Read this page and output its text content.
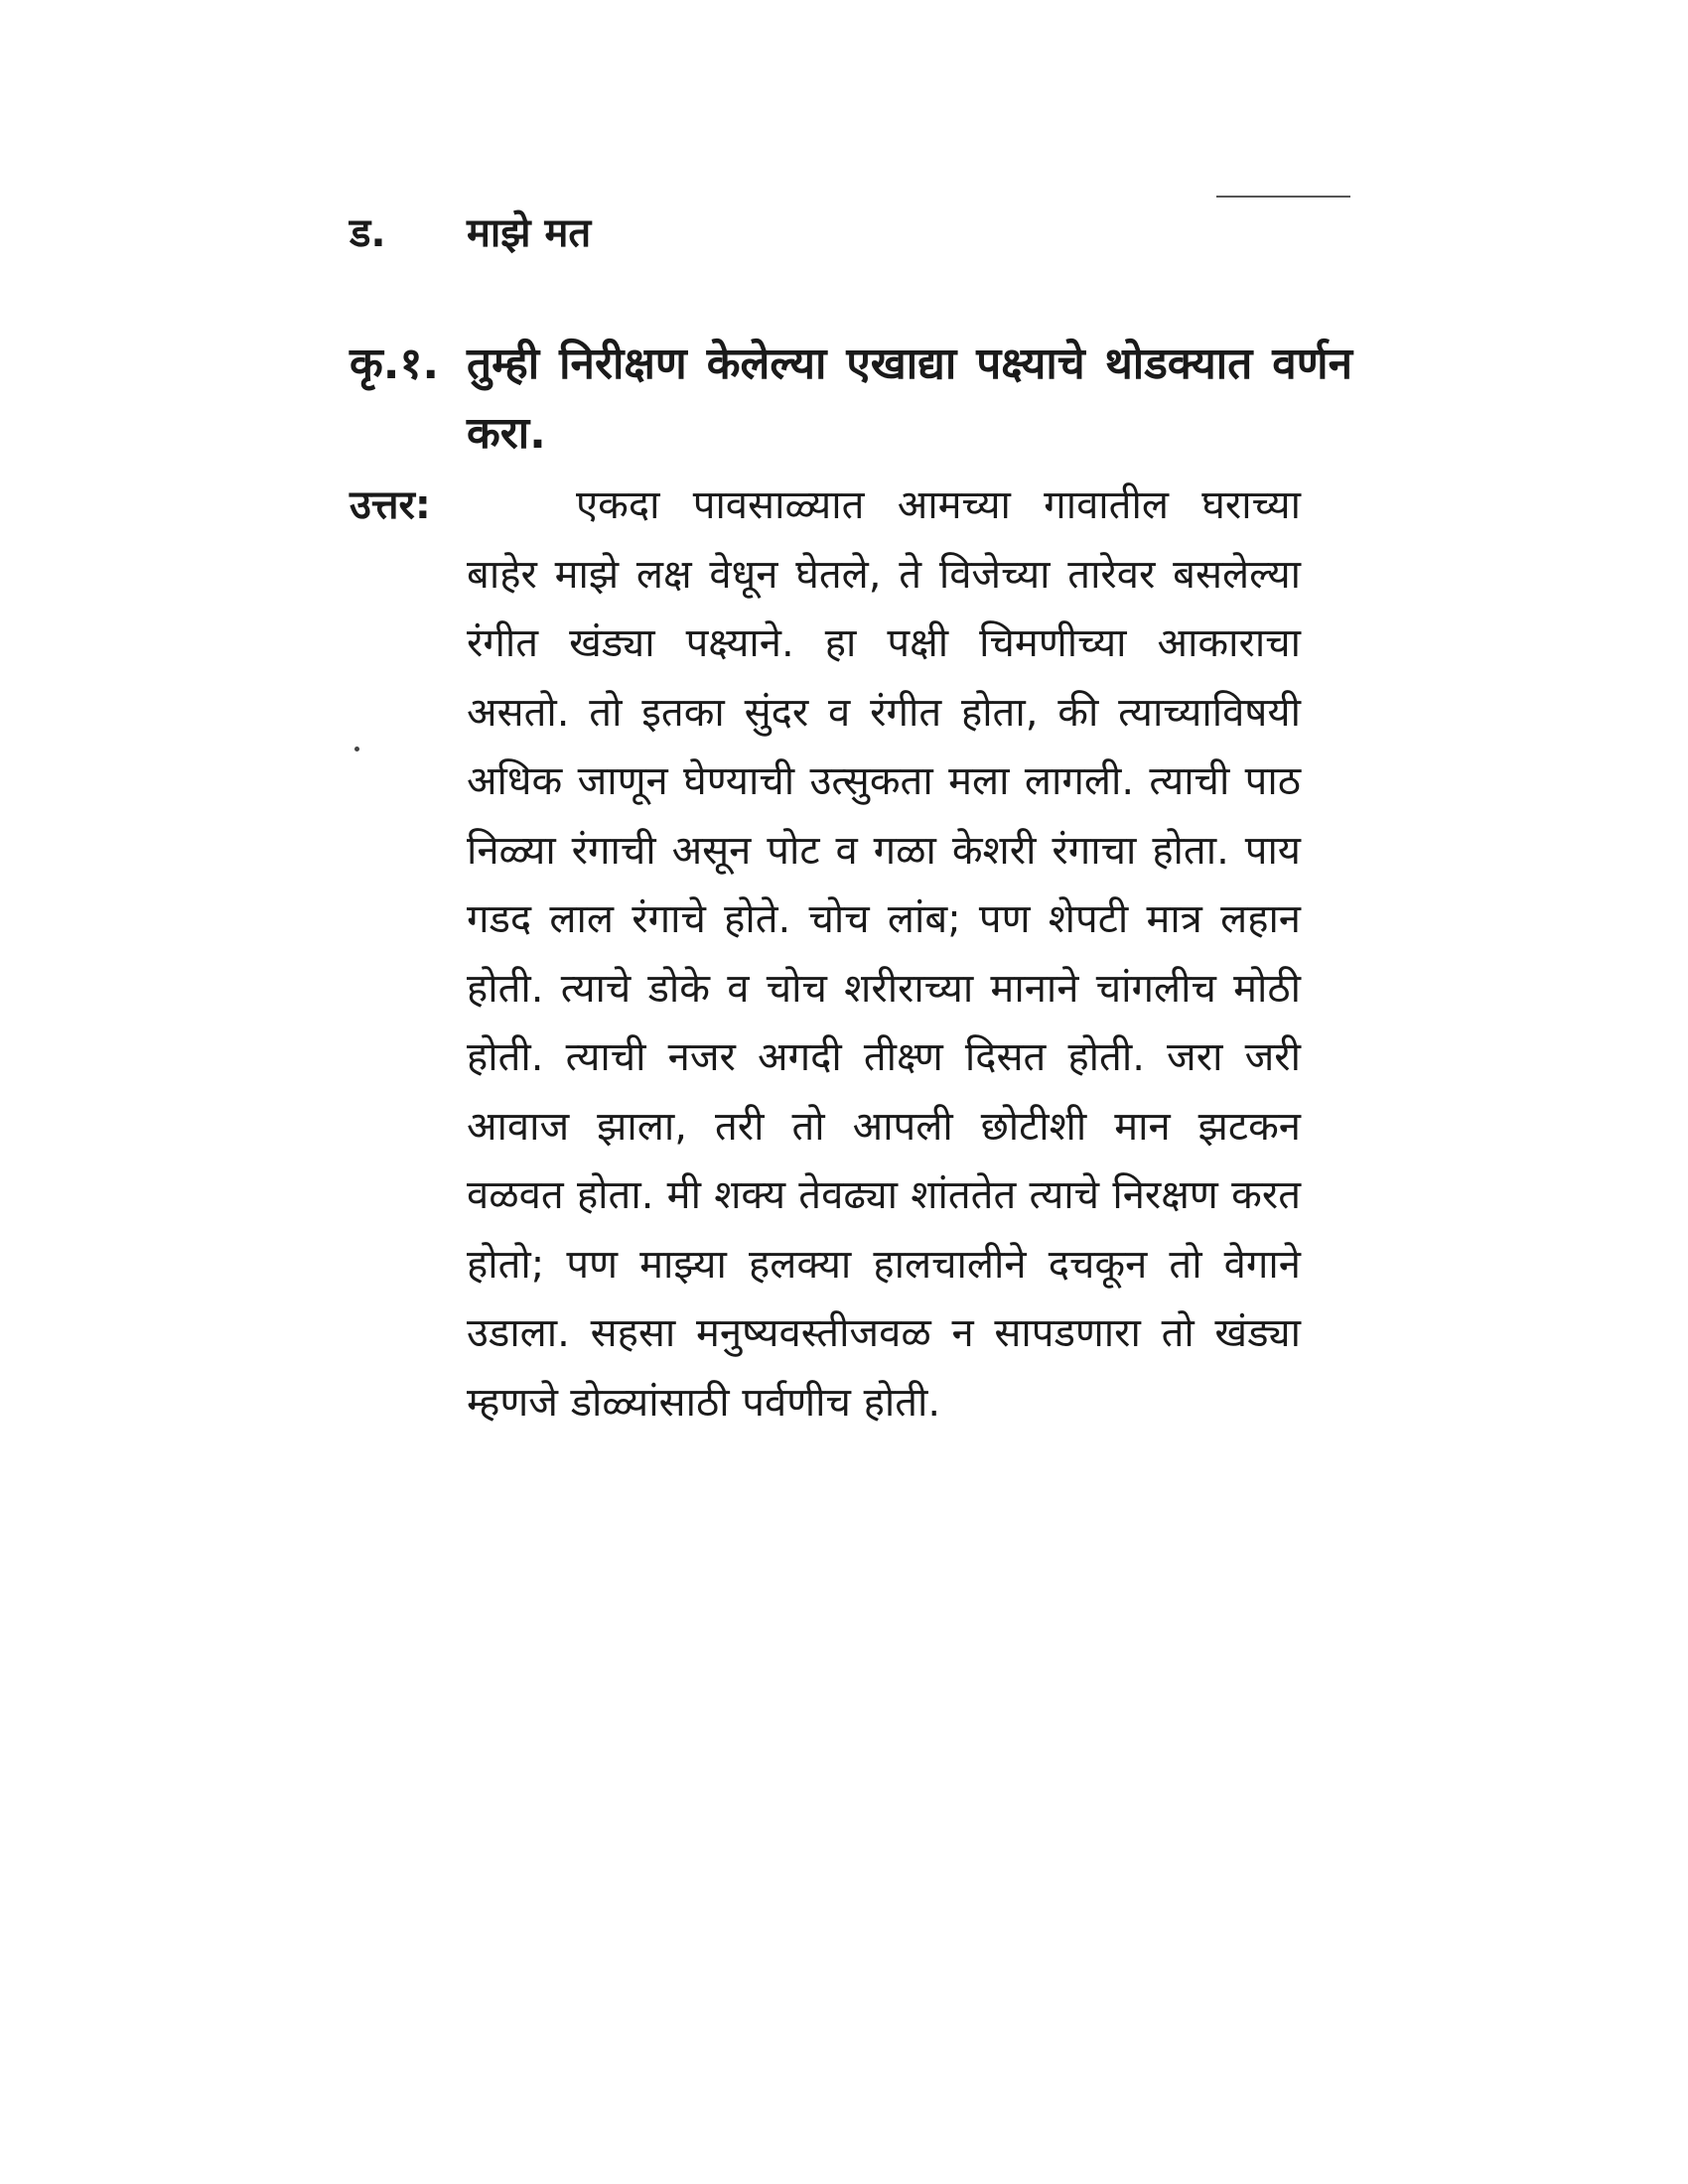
ड. माझे मत
कृ.१. तुम्ही निरीक्षण केलेल्या एखाद्या पक्ष्याचे थोडक्यात वर्णन करा.
उत्तर:	एकदा पावसाळ्यात आमच्या गावातील घराच्या बाहेर माझे लक्ष वेधून घेतले, ते विजेच्या तारेवर बसलेल्या रंगीत खंड्या पक्ष्याने. हा पक्षी चिमणीच्या आकाराचा असतो. तो इतका सुंदर व रंगीत होता, की त्याच्याविषयी अधिक जाणून घेण्याची उत्सुकता मला लागली. त्याची पाठ निळ्या रंगाची असून पोट व गळा केशरी रंगाचा होता. पाय गडद लाल रंगाचे होते. चोच लांब; पण शेपटी मात्र लहान होती. त्याचे डोके व चोच शरीराच्या मानाने चांगलीच मोठी होती. त्याची नजर अगदी तीक्ष्ण दिसत होती. जरा जरी आवाज झाला, तरी तो आपली छोटीशी मान झटकन वळवत होता. मी शक्य तेवढ्या शांततेत त्याचे निरक्षण करत होतो; पण माझ्या हलक्या हालचालीने दचकून तो वेगाने उडाला. सहसा मनुष्यवस्तीजवळ न सापडणारा तो खंड्या म्हणजे डोळ्यांसाठी पर्वणीच होती.
